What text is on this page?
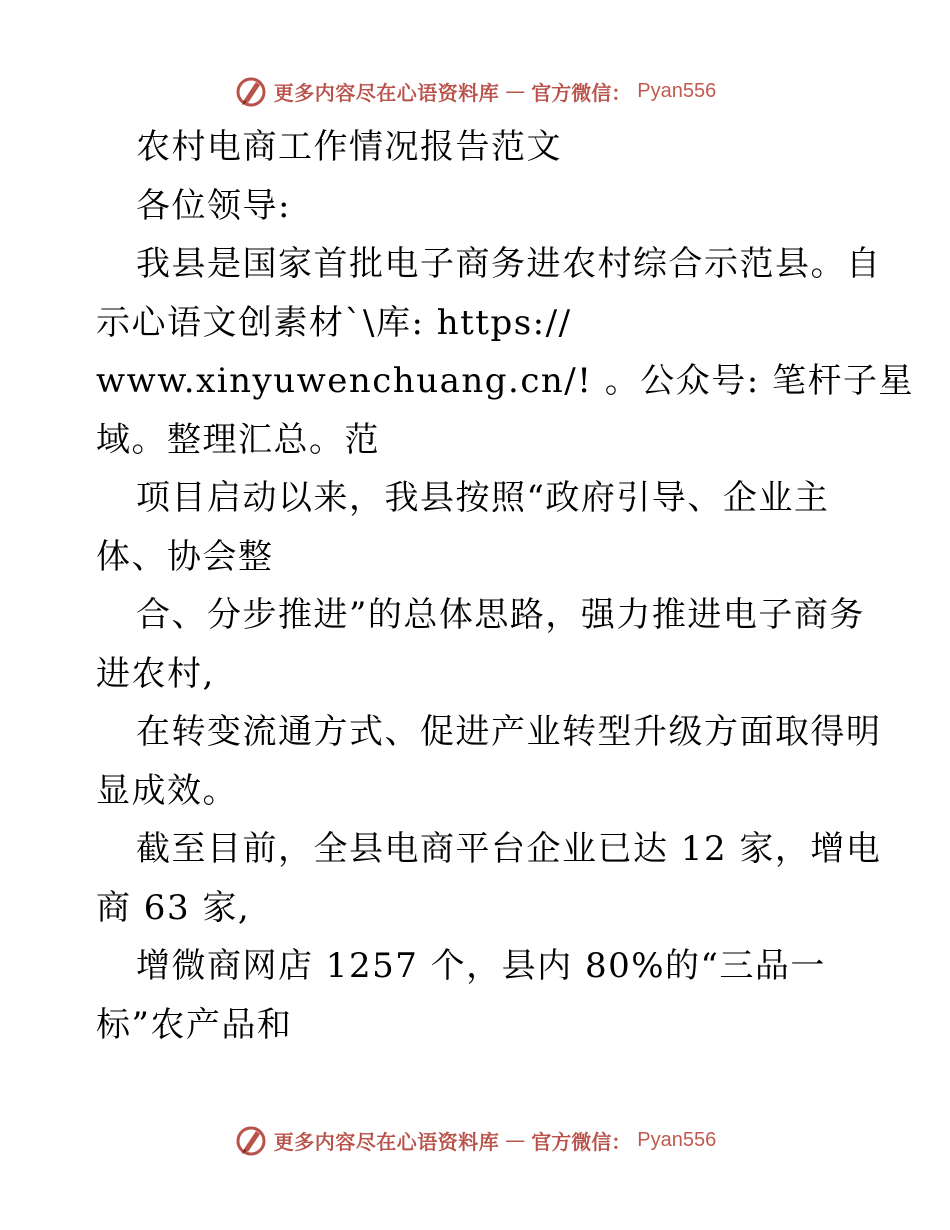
更多内容尽在心语资料库 — 官方微信： Pyan556
农村电商工作情况报告范文
各位领导:
我县是国家首批电子商务进农村综合示范县。自
示心语文创素材`\库: https://
www.xinyuwenchuang.cn/! 。公众号: 笔杆子星
域。整理汇总。范
项目启动以来，我县按照“政府引导、企业主
体、协会整
合、分步推进”的总体思路，强力推进电子商务
进农村,
在转变流通方式、促进产业转型升级方面取得明
显成效。
截至目前，全县电商平台企业已达 12 家，增电
商 63 家,
增微商网店 1257 个，县内 80%的“三品一
标”农产品和
更多内容尽在心语资料库 — 官方微信： Pyan556
